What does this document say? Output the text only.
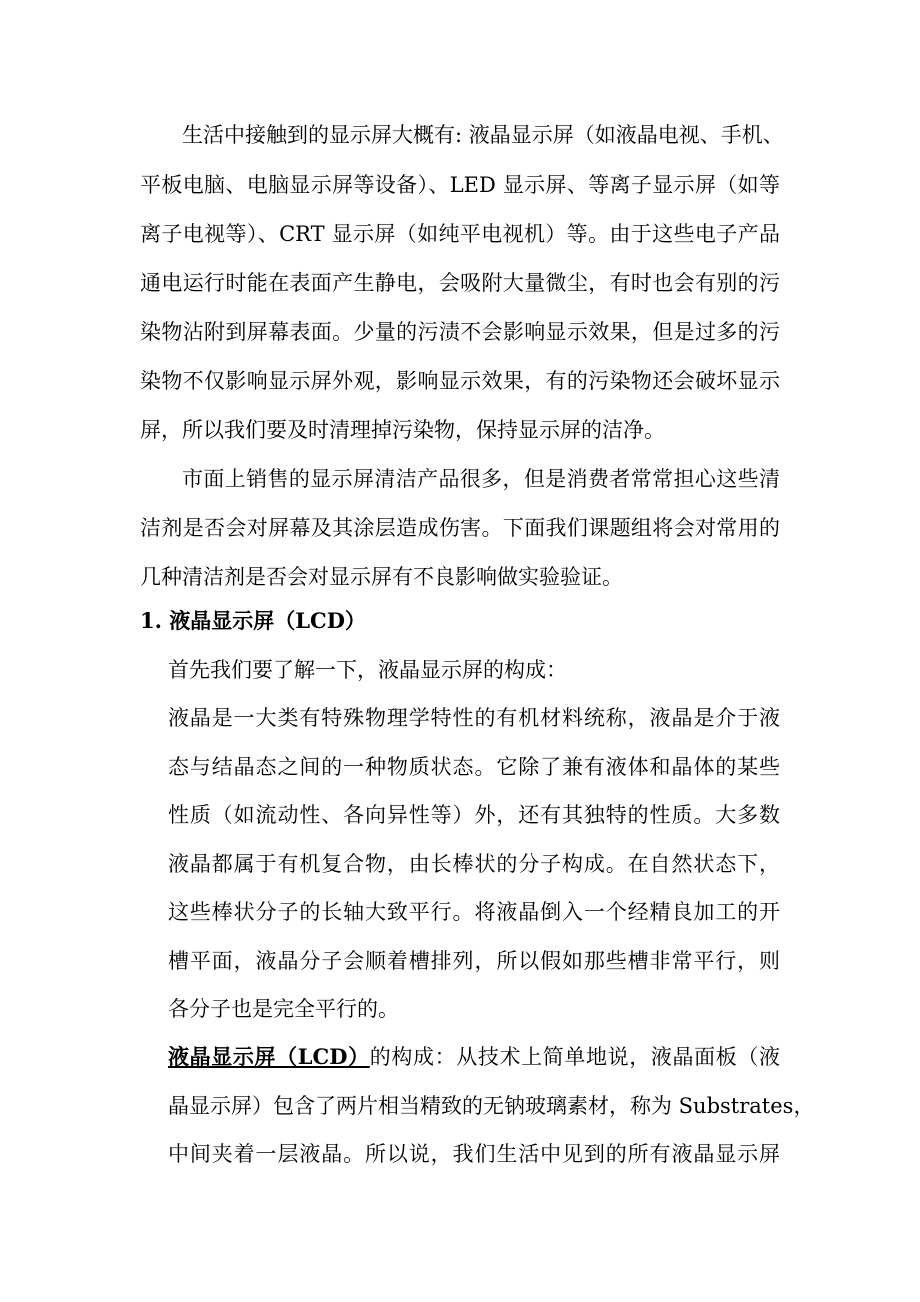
生活中接触到的显示屏大概有: 液晶显示屏（如液晶电视、手机、
平板电脑、电脑显示屏等设备）、LED 显示屏、等离子显示屏（如等
离子电视等）、CRT 显示屏（如纯平电视机）等。由于这些电子产品
通电运行时能在表面产生静电，会吸附大量微尘，有时也会有别的污
染物沾附到屏幕表面。少量的污渍不会影响显示效果，但是过多的污
染物不仅影响显示屏外观，影响显示效果，有的污染物还会破坏显示
屏，所以我们要及时清理掉污染物，保持显示屏的洁净。
市面上销售的显示屏清洁产品很多，但是消费者常常担心这些清
洁剂是否会对屏幕及其涂层造成伤害。下面我们课题组将会对常用的
几种清洁剂是否会对显示屏有不良影响做实验验证。
1. 液晶显示屏（LCD）
首先我们要了解一下，液晶显示屏的构成：
液晶是一大类有特殊物理学特性的有机材料统称，液晶是介于液
态与结晶态之间的一种物质状态。它除了兼有液体和晶体的某些
性质（如流动性、各向异性等）外，还有其独特的性质。大多数
液晶都属于有机复合物，由长棒状的分子构成。在自然状态下，
这些棒状分子的长轴大致平行。将液晶倒入一个经精良加工的开
槽平面，液晶分子会顺着槽排列，所以假如那些槽非常平行，则
各分子也是完全平行的。
液晶显示屏（LCD）的构成：从技术上简单地说，液晶面板（液
晶显示屏）包含了两片相当精致的无钠玻璃素材，称为 Substrates，
中间夹着一层液晶。所以说，我们生活中见到的所有液晶显示屏
